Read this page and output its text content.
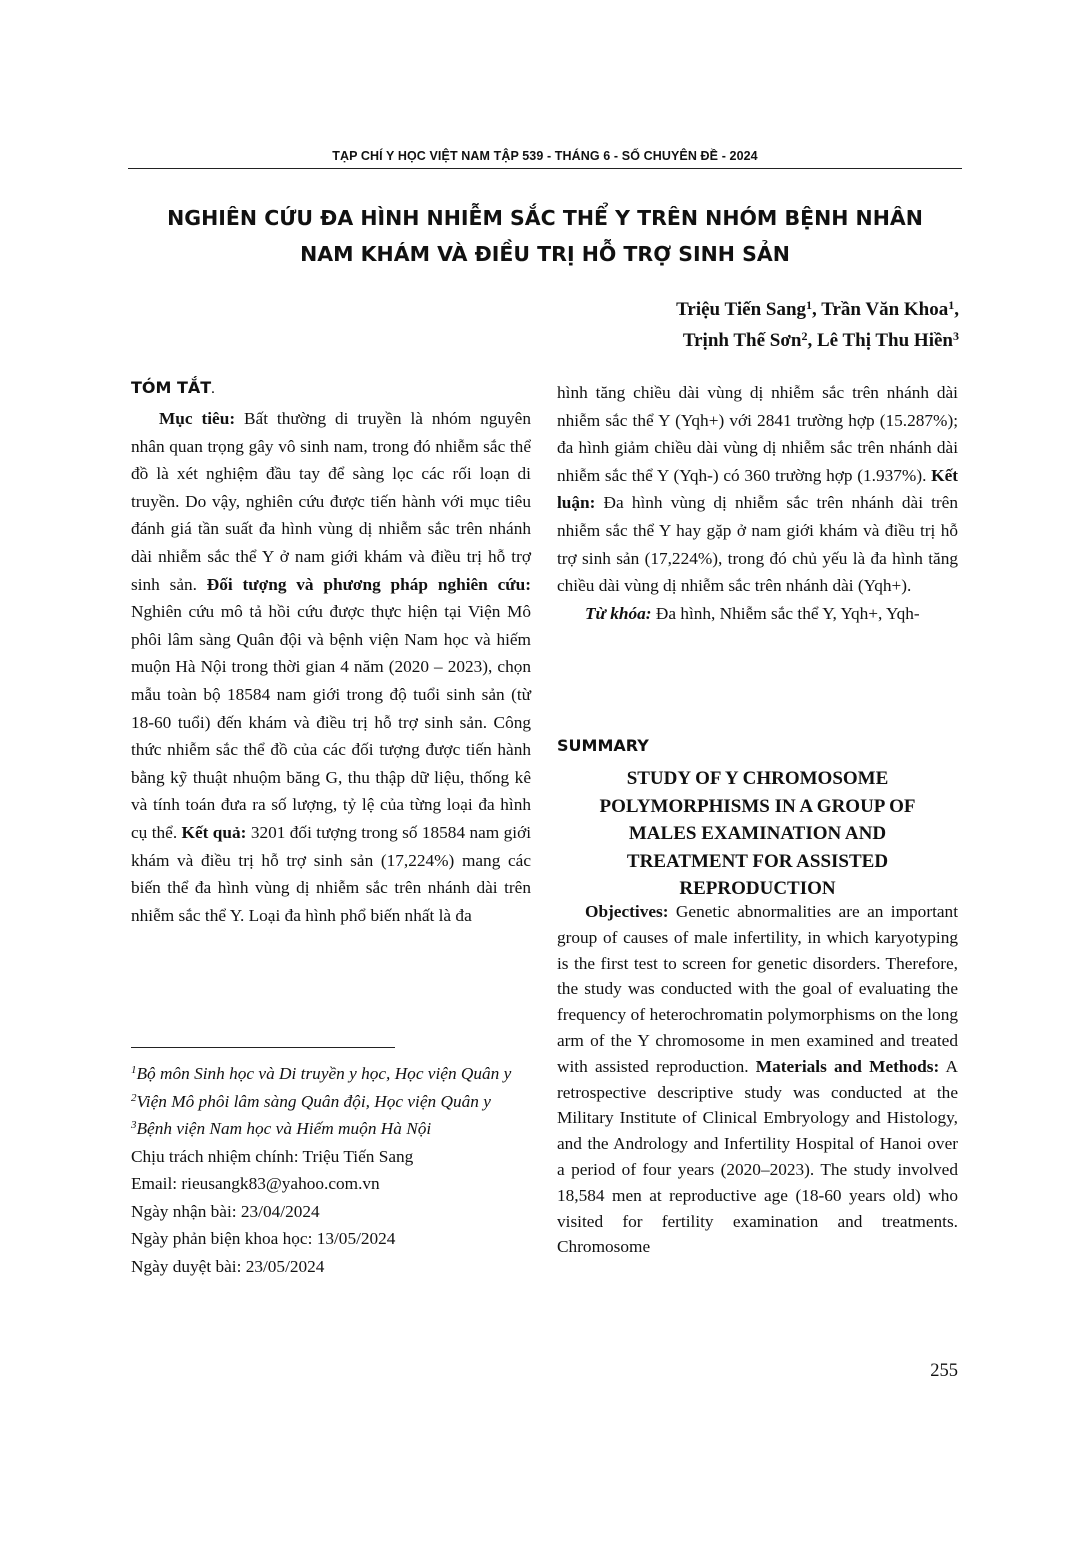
TẠP CHÍ Y HỌC VIỆT NAM TẬP 539 - THÁNG 6 - SỐ CHUYÊN ĐỀ - 2024
NGHIÊN CỨU ĐA HÌNH NHIỄM SẮC THỂ Y TRÊN NHÓM BỆNH NHÂN
NAM KHÁM VÀ ĐIỀU TRỊ HỖ TRỢ SINH SẢN
Triệu Tiến Sang$^1$, Trần Văn Khoa$^1$,
Trịnh Thế Sơn$^2$, Lê Thị Thu Hiền$^3$
TÓM TẮT.

Mục tiêu: Bất thường di truyền là nhóm nguyên nhân quan trọng gây vô sinh nam, trong đó nhiễm sắc thể đồ là xét nghiệm đầu tay để sàng lọc các rối loạn di truyền. Do vậy, nghiên cứu được tiến hành với mục tiêu đánh giá tần suất đa hình vùng dị nhiễm sắc trên nhánh dài nhiễm sắc thể Y ở nam giới khám và điều trị hỗ trợ sinh sản. Đối tượng và phương pháp nghiên cứu: Nghiên cứu mô tả hồi cứu được thực hiện tại Viện Mô phôi lâm sàng Quân đội và bệnh viện Nam học và hiếm muộn Hà Nội trong thời gian 4 năm (2020 – 2023), chọn mẫu toàn bộ 18584 nam giới trong độ tuổi sinh sản (từ 18-60 tuổi) đến khám và điều trị hỗ trợ sinh sản. Công thức nhiễm sắc thể đồ của các đối tượng được tiến hành bằng kỹ thuật nhuộm băng G, thu thập dữ liệu, thống kê và tính toán đưa ra số lượng, tỷ lệ của từng loại đa hình cụ thể. Kết quả: 3201 đối tượng trong số 18584 nam giới khám và điều trị hỗ trợ sinh sản (17,224%) mang các biến thể đa hình vùng dị nhiễm sắc trên nhánh dài trên nhiễm sắc thể Y. Loại đa hình phổ biến nhất là đa

hình tăng chiều dài vùng dị nhiễm sắc trên nhánh dài nhiễm sắc thể Y (Yqh+) với 2841 trường hợp (15.287%); đa hình giảm chiều dài vùng dị nhiễm sắc trên nhánh dài nhiễm sắc thể Y (Yqh-) có 360 trường hợp (1.937%). Kết luận: Đa hình vùng dị nhiễm sắc trên nhánh dài trên nhiễm sắc thể Y hay gặp ở nam giới khám và điều trị hỗ trợ sinh sản (17,224%), trong đó chủ yếu là đa hình tăng chiều dài vùng dị nhiễm sắc trên nhánh dài (Yqh+).

Từ khóa: Đa hình, Nhiễm sắc thể Y, Yqh+, Yqh-

SUMMARY
STUDY OF Y CHROMOSOME
POLYMORPHISMS IN A GROUP OF
MALES EXAMINATION AND
TREATMENT FOR ASSISTED
REPRODUCTION

Objectives: Genetic abnormalities are an important group of causes of male infertility, in which karyotyping is the first test to screen for genetic disorders. Therefore, the study was conducted with the goal of evaluating the frequency of heterochromatin polymorphisms on the long arm of the Y chromosome in men examined and treated with assisted reproduction. Materials and Methods: A retrospective descriptive study was conducted at the Military Institute of Clinical Embryology and Histology, and the Andrology and Infertility Hospital of Hanoi over a period of four years (2020–2023). The study involved 18,584 men at reproductive age (18-60 years old) who visited for fertility examination and treatments. Chromosome

$^1$Bộ môn Sinh học và Di truyền y học, Học viện Quân y
$^2$Viện Mô phôi lâm sàng Quân đội, Học viện Quân y
$^3$Bệnh viện Nam học và Hiếm muộn Hà Nội
Chịu trách nhiệm chính: Triệu Tiến Sang
Email: rieusangk83@yahoo.com.vn
Ngày nhận bài: 23/04/2024
Ngày phản biện khoa học: 13/05/2024
Ngày duyệt bài: 23/05/2024
255
